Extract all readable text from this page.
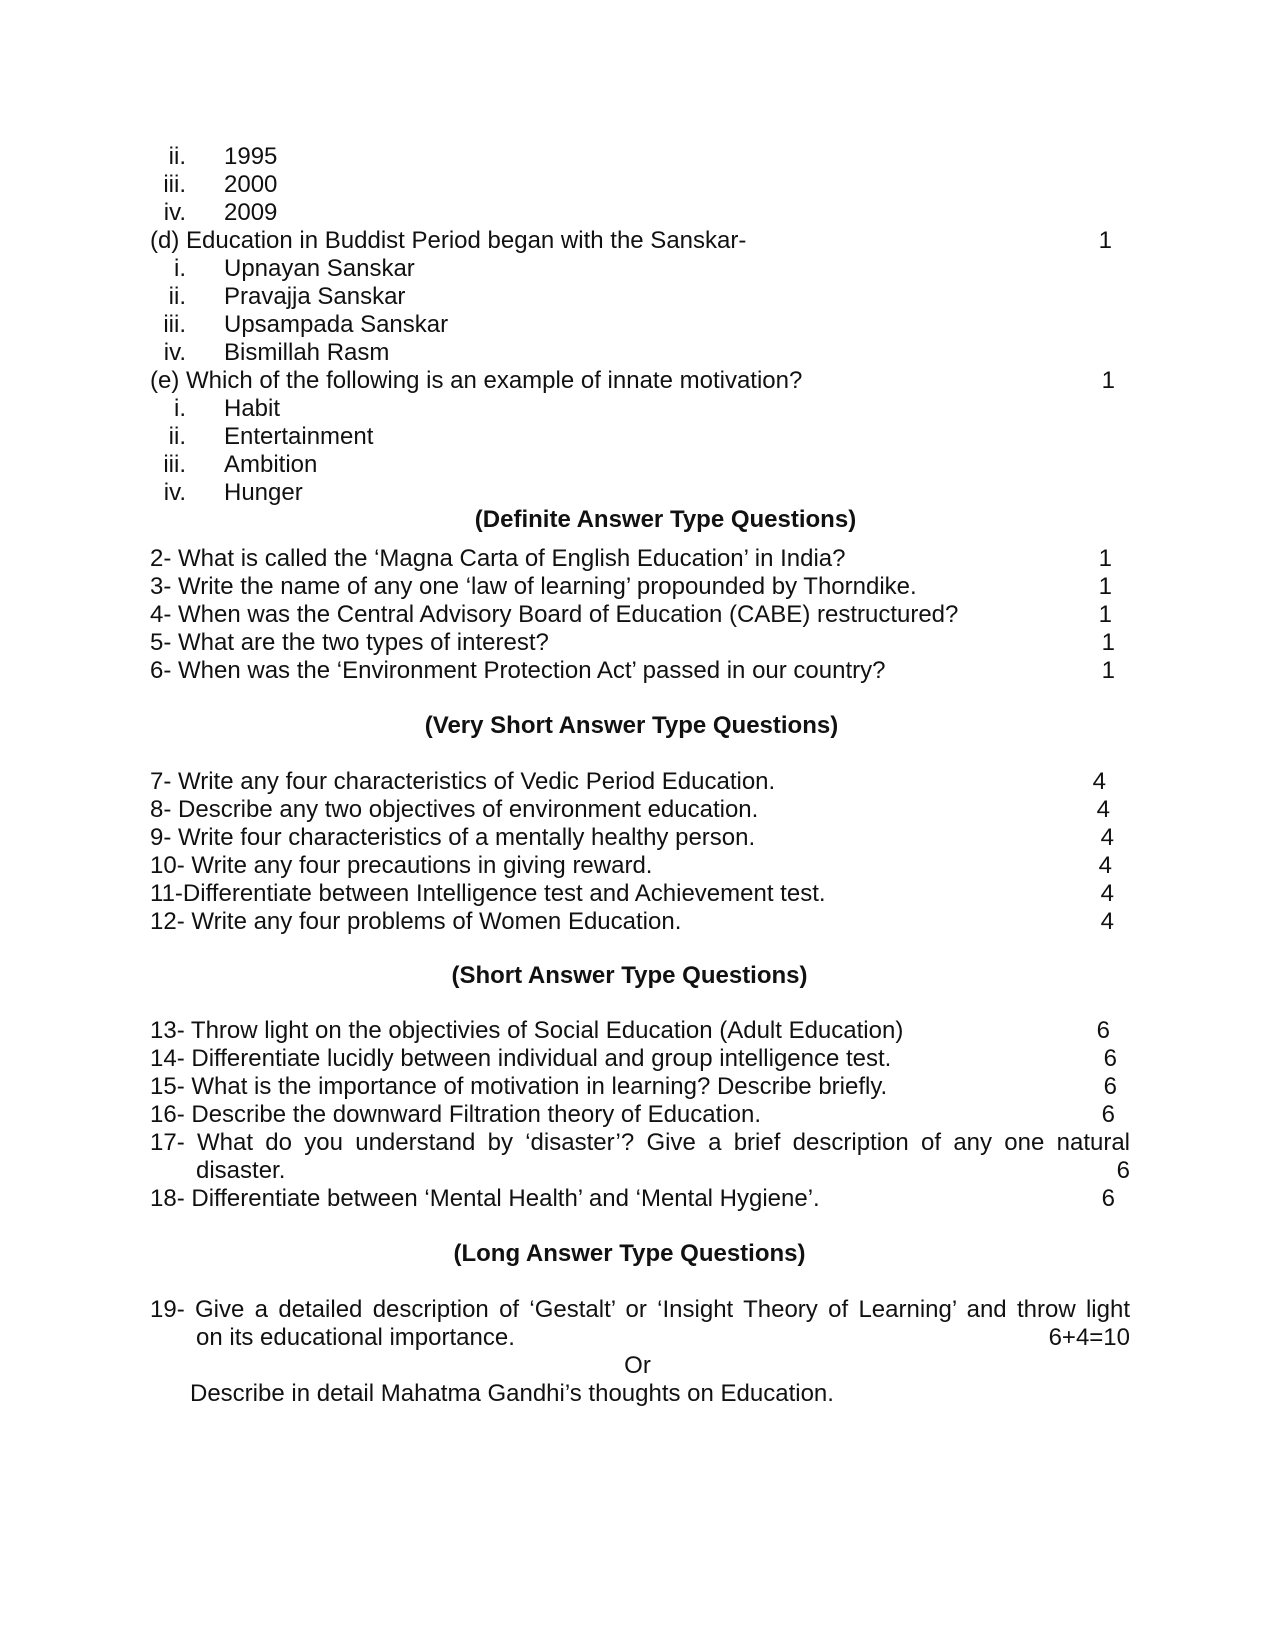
ii. 1995
iii. 2000
iv. 2009
(d) Education in Buddist Period began with the Sanskar-	1
i. Upnayan Sanskar
ii. Pravajja Sanskar
iii. Upsampada Sanskar
iv. Bismillah Rasm
(e) Which of the following is an example of innate motivation?	1
i. Habit
ii. Entertainment
iii. Ambition
iv. Hunger
(Definite Answer Type Questions)
2- What is called the ‘Magna Carta of English Education’ in India?	1
3- Write the name of any one ‘law of learning’ propounded by Thorndike.	1
4- When was the Central Advisory Board of Education (CABE) restructured?	1
5- What are the two types of interest?	1
6- When was the ‘Environment Protection Act’ passed in our country?	1
(Very Short Answer Type Questions)
7- Write any four characteristics of Vedic Period Education.	4
8- Describe any two objectives of environment education.	4
9- Write four characteristics of a mentally healthy person.	4
10- Write any four precautions in giving reward.	4
11-Differentiate between Intelligence test and Achievement test.	4
12- Write any four problems of Women Education.	4
(Short Answer Type Questions)
13- Throw light on the objectivies of Social Education (Adult Education)	6
14- Differentiate lucidly between individual and group intelligence test.	6
15- What is the importance of motivation in learning? Describe briefly.	6
16- Describe the downward Filtration theory of Education.	6
17- What do you understand by ‘disaster’? Give a brief description of any one natural
disaster.	6
18- Differentiate between ‘Mental Health’ and ‘Mental Hygiene’.	6
(Long Answer Type Questions)
19- Give a detailed description of ‘Gestalt’ or ‘Insight Theory of Learning’ and throw light
on its educational importance.	6+4=10
Or
Describe in detail Mahatma Gandhi’s thoughts on Education.
